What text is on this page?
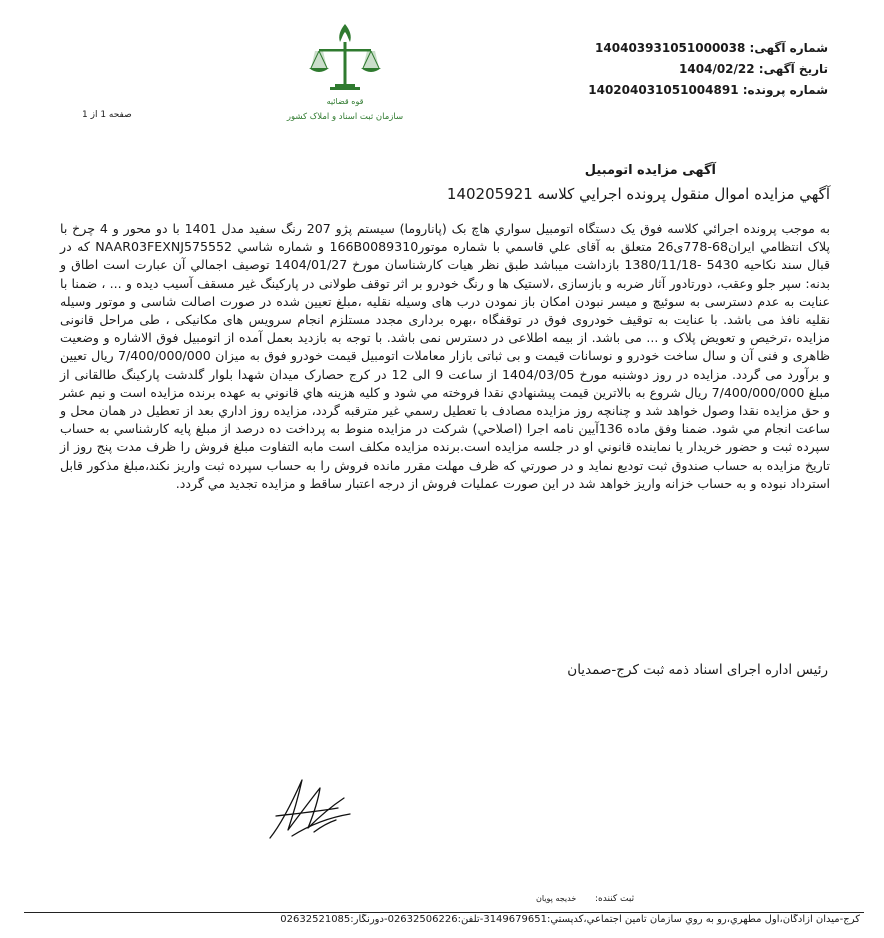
شماره آگهی: 140403931051000038
تاریخ آگهی: 1404/02/22
شماره پرونده: 140204031051004891
قوه قضائیه
سازمان ثبت اسناد و املاک کشور
صفحه 1 از 1
آگهی مزایده اتومبیل
آگهي مزايده اموال منقول پرونده اجرايي كلاسه 140205921
به موجب پرونده اجرائي كلاسه فوق يک دستگاه اتومبيل سواري هاچ بک (پاناروما) سيستم پژو 207 رنگ سفيد مدل 1401 با دو محور و 4 چرخ با پلاک انتظامي ايران68-778ی26 متعلق به آقای علي قاسمي با شماره موتور166B0089310 و شماره شاسي NAAR03FEXNJ575552 كه در قبال سند نكاحيه 5430 -1380/11/18 بازداشت ميباشد طبق نظر هيات كارشناسان مورخ 1404/01/27 توصيف اجمالي آن عبارت است اطاق و بدنه: سپر جلو وعقب، دورتادور آثار ضربه و بازسازی ،لاستیک ها و رنگ خودرو بر اثر توقف طولانی در پارکینگ غیر مسقف آسیب دیده و ... ، ضمنا با عنایت به عدم دسترسی به سوئیچ و میسر نبودن امکان باز نمودن درب های وسیله نقلیه ،مبلغ تعیین شده در صورت اصالت شاسی و موتور وسیله نقلیه نافذ می باشد. با عنایت به توقیف خودروی فوق در توقفگاه ،بهره برداری مجدد مستلزم انجام سرویس های مکانیکی ، طی مراحل قانونی مزایده ،ترخیص و تعویض پلاک و ... می باشد. از بیمه اطلاعی در دسترس نمی باشد. با توجه به بازدید بعمل آمده از اتومبیل فوق الاشاره و وضعیت ظاهری و فنی آن و سال ساخت خودرو و نوسانات قیمت و بی ثباتی بازار معاملات اتومبیل قیمت خودرو فوق به میزان 7/400/000/000 ریال تعیین و برآورد می گردد. مزایده در روز دوشنبه مورخ 1404/03/05 از ساعت 9 الی 12 در کرج حصارک میدان شهدا بلوار گلدشت پارکینگ طالقانی از مبلغ 7/400/000/000 ريال شروع به بالاترين قيمت پيشنهادي نقدا فروخته مي شود و كليه هزينه هاي قانوني به عهده برنده مزايده است و نيم عشر و حق مزايده نقدا وصول خواهد شد و چنانچه روز مزايده مصادف با تعطيل رسمي غير مترقبه گردد، مزايده روز اداري بعد از تعطيل در همان محل و ساعت انجام مي شود. ضمنا وفق ماده 136آيين نامه اجرا (اصلاحي) شركت در مزايده منوط به پرداخت ده درصد از مبلغ پايه كارشناسي به حساب سپرده ثبت و حضور خريدار يا نماينده قانوني او در جلسه مزايده است.برنده مزايده مكلف است مابه التفاوت مبلغ فروش را ظرف مدت پنج روز از تاريخ مزايده به حساب صندوق ثبت توديع نمايد و در صورتي كه ظرف مهلت مقرر مانده فروش را به حساب سپرده ثبت واريز نكند،مبلغ مذكور قابل استرداد نبوده و به حساب خزانه واريز خواهد شد در اين صورت عمليات فروش از درجه اعتبار ساقط و مزايده تجديد مي گردد.
رئیس اداره اجرای اسناد ذمه ثبت کرج-صمدیان
ثبت کننده:
خدیجه پویان
کرج-میدان آزادگان،اول مطهري،رو به روي سازمان تامين اجتماعي،كدپستي:3149679651-تلفن:02632506226-دورنگار:02632521085
